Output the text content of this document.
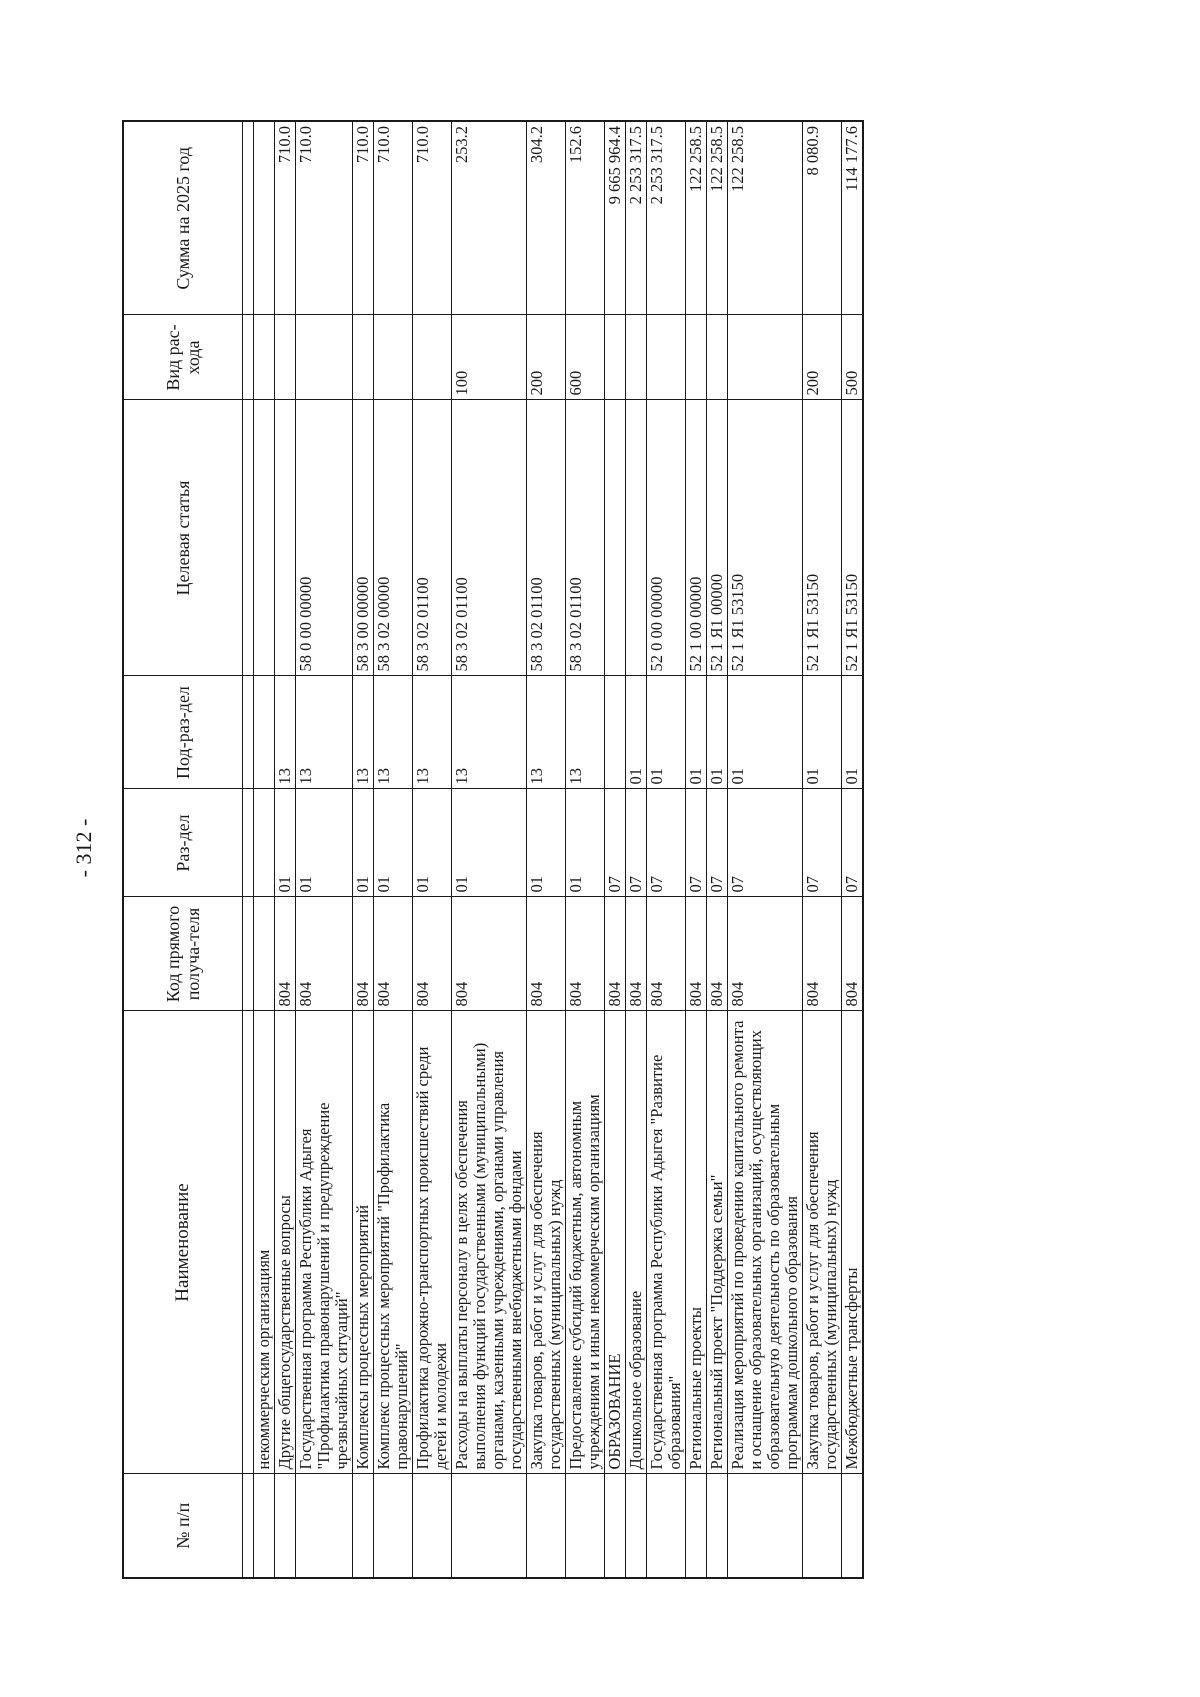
- 312 -
№ п/п	Наименование	Код прямого получа-теля	Раз-дел	Под-раз-дел	Целевая статья	Вид рас-хода	Сумма на 2025 год

	некоммерческим организациям						
	Другие общегосударственные вопросы	804	01	13			710.0
	Государственная программа Республики Адыгея "Профилактика правонарушений и предупреждение чрезвычайных ситуаций"	804	01	13	58 0 00 00000		710.0
	Комплексы процессных мероприятий	804	01	13	58 3 00 00000		710.0
	Комплекс процессных мероприятий "Профилактика правонарушений"	804	01	13	58 3 02 00000		710.0
	Профилактика дорожно-транспортных происшествий среди детей и молодежи	804	01	13	58 3 02 01100		710.0
	Расходы на выплаты персоналу в целях обеспечения выполнения функций государственными (муниципальными) органами, казенными учреждениями, органами управления государственными внебюджетными фондами	804	01	13	58 3 02 01100	100	253.2
	Закупка товаров, работ и услуг для обеспечения государственных (муниципальных) нужд	804	01	13	58 3 02 01100	200	304.2
	Предоставление субсидий бюджетным, автономным учреждениям и иным некоммерческим организациям	804	01	13	58 3 02 01100	600	152.6
	ОБРАЗОВАНИЕ	804	07				9 665 964.4
	Дошкольное образование	804	07	01			2 253 317.5
	Государственная программа Республики Адыгея "Развитие образования"	804	07	01	52 0 00 00000		2 253 317.5
	Региональные проекты	804	07	01	52 1 00 00000		122 258.5
	Региональный проект "Поддержка семьи"	804	07	01	52 1 Я1 00000		122 258.5
	Реализация мероприятий по проведению капитального ремонта и оснащение образовательных организаций, осуществляющих образовательную деятельность по образовательным программам дошкольного образования	804	07	01	52 1 Я1 53150		122 258.5
	Закупка товаров, работ и услуг для обеспечения государственных (муниципальных) нужд	804	07	01	52 1 Я1 53150	200	8 080.9
	Межбюджетные трансферты	804	07	01	52 1 Я1 53150	500	114 177.6
